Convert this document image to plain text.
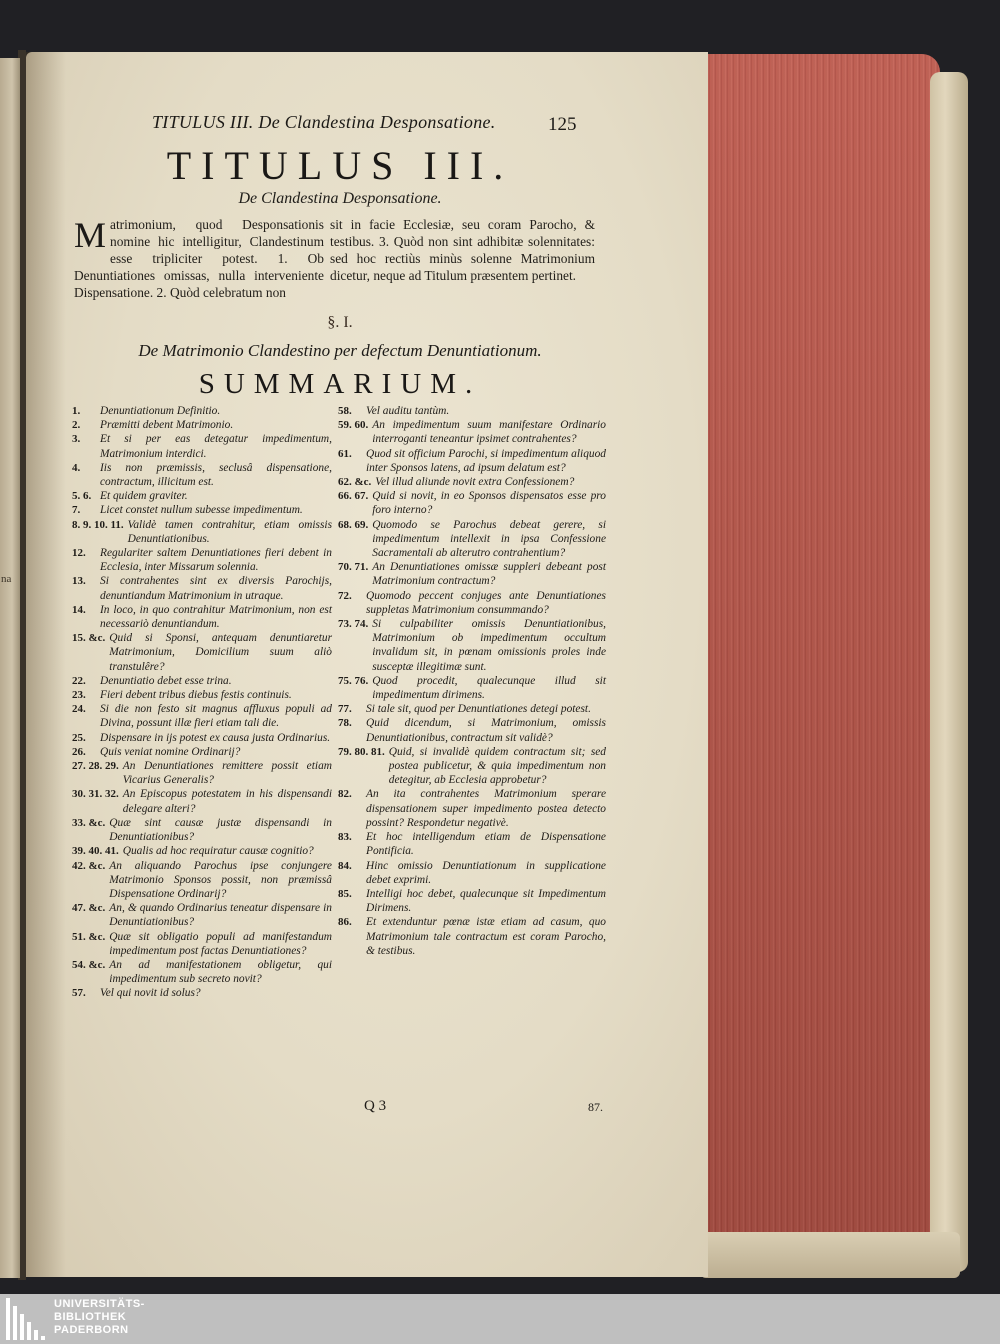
na
TITULUS III. De Clandestina Desponsatione.	125
TITULUS III.
De Clandestina Desponsatione.
M atrimonium, quod Desponsationis nomine hic intelligitur, Clandestinum esse tripliciter potest. 1. Ob Denuntiationes omissas, nulla interveniente Dispensatione. 2. Quòd celebratum non
sit in facie Ecclesiæ, seu coram Parocho, & testibus. 3. Quòd non sint adhibitæ solennitates: sed hoc rectiùs minùs solenne Matrimonium dicetur, neque ad Titulum præsentem pertinet.
§. I.
De Matrimonio Clandestino per defectum Denuntiationum.
SUMMARIUM.
1.	Denuntiationum Definitio.
2.	Præmitti debent Matrimonio.
3.	Et si per eas detegatur impedimentum, Matrimonium interdici.
4.	Iis non præmissis, seclusâ dispensatione, contractum, illicitum est.
5. 6. Et quidem graviter.
7.	Licet constet nullum subesse impedimentum.
8. 9. 10. 11. Validè tamen contrahitur, etiam omissis Denuntiationibus.
12.	Regulariter saltem Denuntiationes fieri debent in Ecclesia, inter Missarum solennia.
13.	Si contrahentes sint ex diversis Parochijs, denuntiandum Matrimonium in utraque.
14.	In loco, in quo contrahitur Matrimonium, non est necessariò denuntiandum.
15. &c. Quid si Sponsi, antequam denuntiaretur Matrimonium, Domicilium suum aliò transtulêre?
22.	Denuntiatio debet esse trina.
23.	Fieri debent tribus diebus festis continuis.
24.	Si die non festo sit magnus affluxus populi ad Divina, possunt illæ fieri etiam tali die.
25.	Dispensare in ijs potest ex causa justa Ordinarius.
26.	Quis veniat nomine Ordinarij?
27. 28. 29. An Denuntiationes remittere possit etiam Vicarius Generalis?
30. 31. 32. An Episcopus potestatem in his dispensandi delegare alteri?
33. &c. Quæ sint causæ justæ dispensandi in Denuntiationibus?
39. 40. 41. Qualis ad hoc requiratur causæ cognitio?
42. &c. An aliquando Parochus ipse conjungere Matrimonio Sponsos possit, non præmissâ Dispensatione Ordinarij?
47. &c. An, & quando Ordinarius teneatur dispensare in Denuntiationibus?
51. &c. Quæ sit obligatio populi ad manifestandum impedimentum post factas Denuntiationes?
54. &c. An ad manifestationem obligetur, qui impedimentum sub secreto novit?
57.	Vel qui novit id solus?
58.	Vel auditu tantùm.
59. 60. An impedimentum suum manifestare Ordinario interroganti teneantur ipsimet contrahentes?
61.	Quod sit officium Parochi, si impedimentum aliquod inter Sponsos latens, ad ipsum delatum est?
62. &c. Vel illud aliunde novit extra Confessionem?
66. 67. Quid si novit, in eo Sponsos dispensatos esse pro foro interno?
68. 69. Quomodo se Parochus debeat gerere, si impedimentum intellexit in ipsa Confessione Sacramentali ab alterutro contrahentium?
70. 71. An Denuntiationes omissæ suppleri debeant post Matrimonium contractum?
72.	Quomodo peccent conjuges ante Denuntiationes suppletas Matrimonium consummando?
73. 74. Si culpabiliter omissis Denuntiationibus, Matrimonium ob impedimentum occultum invalidum sit, in pœnam omissionis proles inde susceptæ illegitimæ sunt.
75. 76. Quod procedit, qualecunque illud sit impedimentum dirimens.
77.	Si tale sit, quod per Denuntiationes detegi potest.
78.	Quid dicendum, si Matrimonium, omissis Denuntiationibus, contractum sit validè?
79. 80. 81. Quid, si invalidè quidem contractum sit; sed postea publicetur, & quia impedimentum non detegitur, ab Ecclesia approbetur?
82.	An ita contrahentes Matrimonium sperare dispensationem super impedimento postea detecto possint? Respondetur negativè.
83.	Et hoc intelligendum etiam de Dispensatione Pontificia.
84.	Hinc omissio Denuntiationum in supplicatione debet exprimi.
85.	Intelligi hoc debet, qualecunque sit Impedimentum Dirimens.
86.	Et extenduntur pœnæ istæ etiam ad casum, quo Matrimonium tale contractum est coram Parocho, & testibus.
Q 3	87.
UNIVERSITÄTS-
BIBLIOTHEK
PADERBORN
